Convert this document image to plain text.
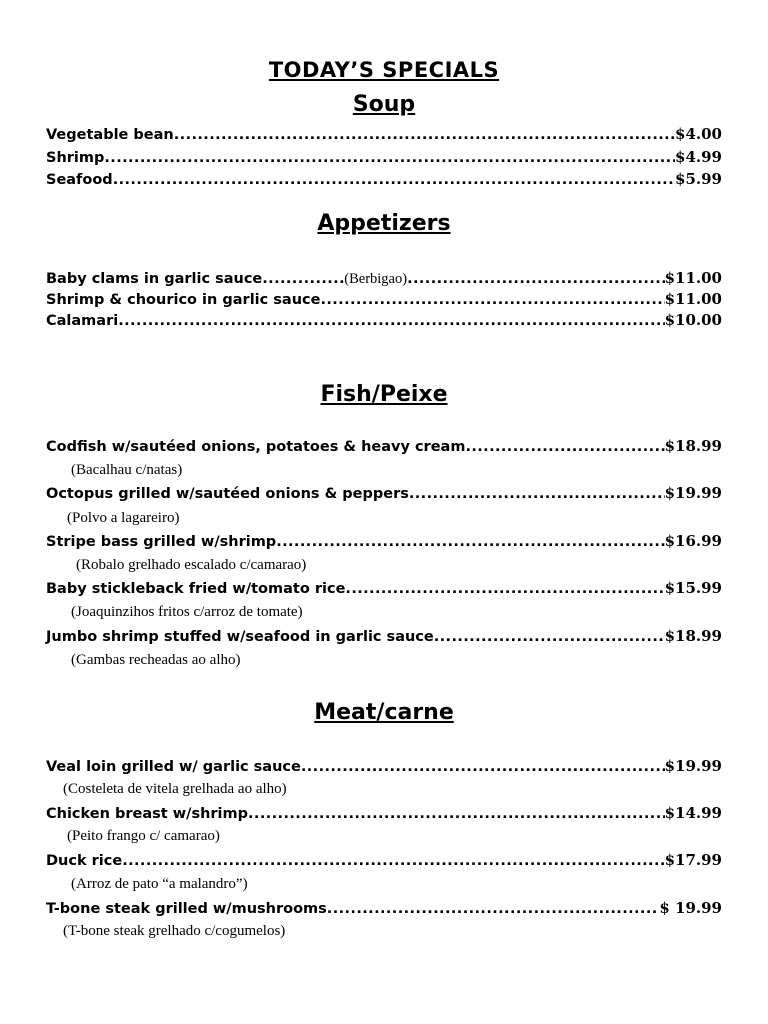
TODAY’S SPECIALS
Soup
Vegetable bean .....	$4.00
Shrimp .....	$4.99
Seafood .....	$5.99
Appetizers
Baby clams in garlic sauce .....	(Berbigao) .....	$11.00
Shrimp & chourico in garlic sauce .....	$11.00
Calamari .....	$10.00
Fish/Peixe
Codfish w/sautéed onions, potatoes & heavy cream .....	$18.99
(Bacalhau c/natas)
Octopus grilled w/sautéed onions & peppers .....	$19.99
(Polvo a lagareiro)
Stripe bass grilled w/shrimp .....	$16.99
(Robalo grelhado escalado c/camarao)
Baby stickleback fried w/tomato rice .....	$15.99
(Joaquinzihos fritos c/arroz de tomate)
Jumbo shrimp stuffed w/seafood in garlic sauce .....	$18.99
(Gambas recheadas ao alho)
Meat/carne
Veal loin grilled w/ garlic sauce .....	$19.99
(Costeleta de vitela grelhada ao alho)
Chicken breast w/shrimp .....	$14.99
(Peito frango c/ camarao)
Duck rice .....	$17.99
(Arroz de pato “a malandro”)
T-bone steak grilled w/mushrooms .....	$ 19.99
(T-bone steak grelhado c/cogumelos)
